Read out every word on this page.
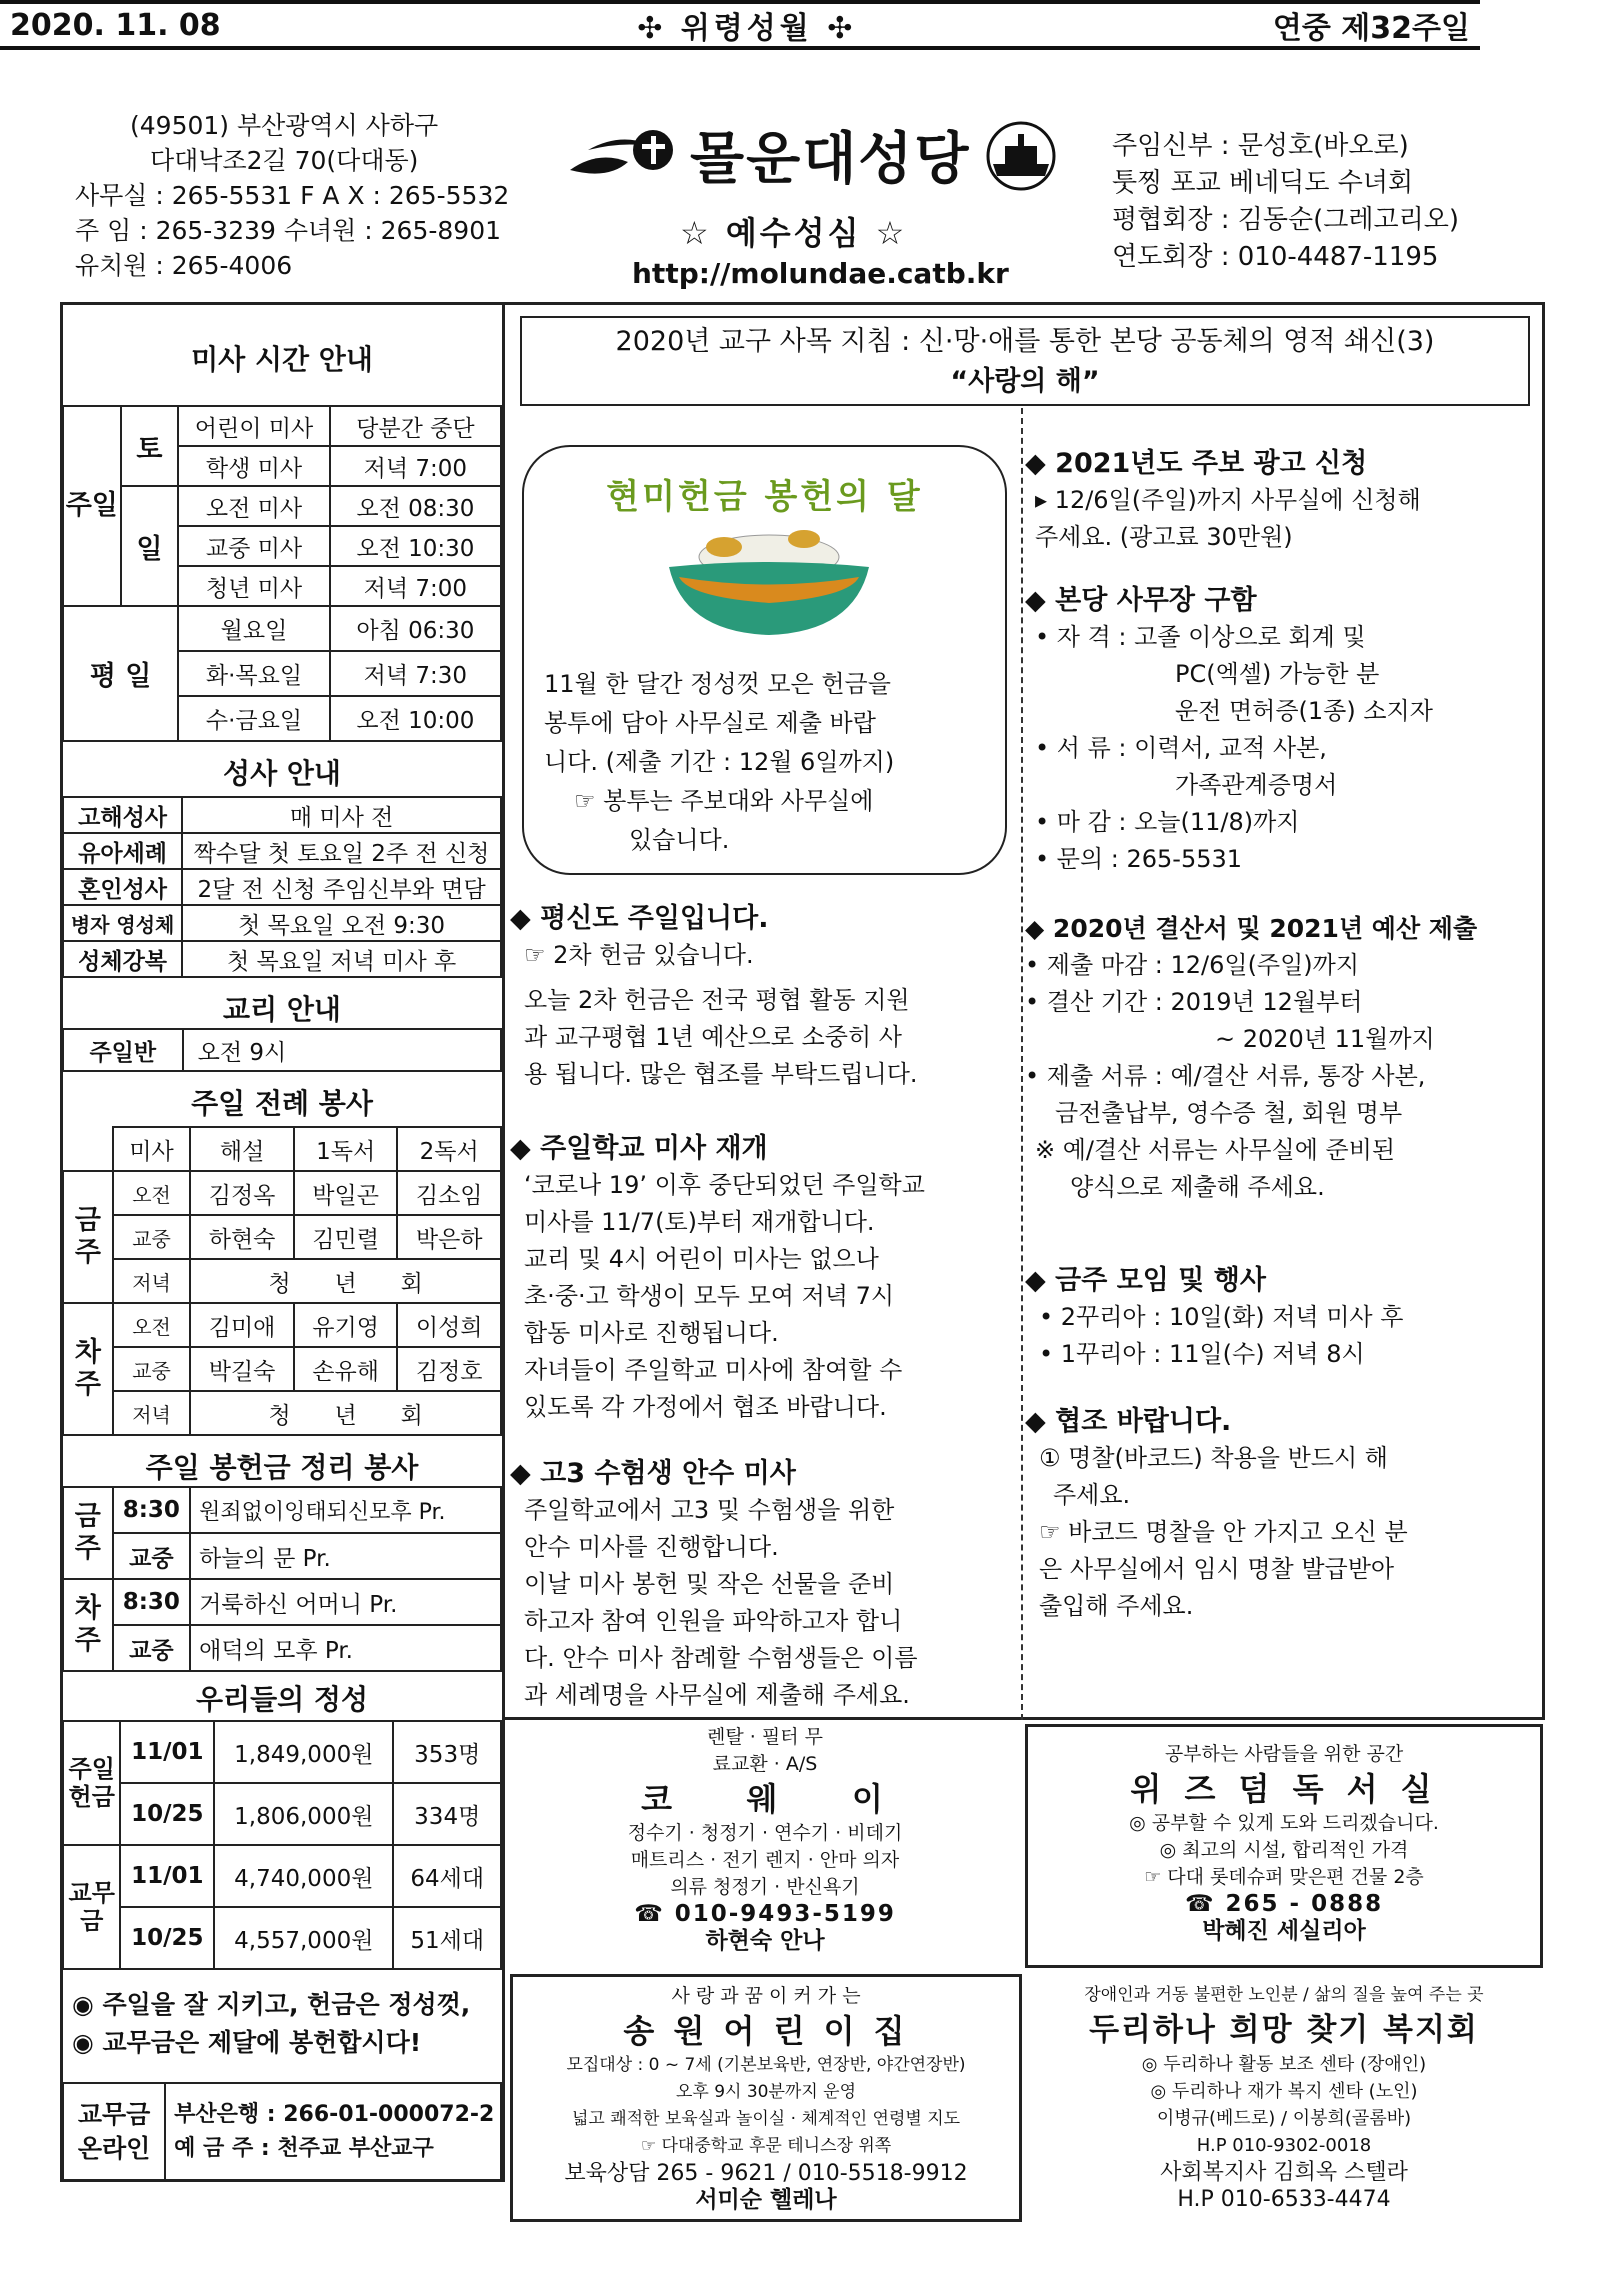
2020. 11. 08	✣ 위령성월 ✣	연중 제32주일
(49501) 부산광역시 사하구
다대낙조2길 70(다대동)
사무실 : 265-5531 F A X : 265-5532
주 임 : 265-3239 수녀원 : 265-8901
유치원 : 265-4006
몰운대성당
☆ 예수성심 ☆
http://molundae.catb.kr
주임신부 : 문성호(바오로)
툿찡 포교 베네딕도 수녀회
평협회장 : 김동순(그레고리오)
연도회장 : 010-4487-1195
미사 시간 안내
주일	토	어린이 미사	당분간 중단
		학생 미사	저녁 7:00
	일	오전 미사	오전 08:30
		교중 미사	오전 10:30
		청년 미사	저녁 7:00
평 일		월요일	아침 06:30
		화·목요일	저녁 7:30
		수·금요일	오전 10:00
성사 안내
고해성사	매 미사 전
유아세례	짝수달 첫 토요일 2주 전 신청
혼인성사	2달 전 신청 주임신부와 면담
병자 영성체	첫 목요일 오전 9:30
성체강복	첫 목요일 저녁 미사 후
교리 안내
주일반	오전 9시
주일 전례 봉사
	미사	해설	1독서	2독서
금주	오전	김정옥	박일곤	김소임
	교중	하현숙	김민렬	박은하
	저녁	청      년      회		
차주	오전	김미애	유기영	이성희
	교중	박길숙	손유해	김정호
	저녁	청      년      회		
주일 봉헌금 정리 봉사
금주	8:30	원죄없이잉태되신모후 Pr.
	교중	하늘의 문 Pr.
차주	8:30	거룩하신 어머니 Pr.
	교중	애덕의 모후 Pr.
우리들의 정성
주일헌금	11/01	1,849,000원	353명
	10/25	1,806,000원	334명
교무금	11/01	4,740,000원	64세대
	10/25	4,557,000원	51세대
◉ 주일을 잘 지키고, 헌금은 정성껏,
◉ 교무금은 제달에 봉헌합시다!
교무금
온라인

부산은행 : 266-01-000072-2
예 금 주 : 천주교 부산교구
2020년 교구 사목 지침 : 신·망·애를 통한 본당 공동체의 영적 쇄신(3)
“사랑의 해”
현미헌금 봉헌의 달
11월 한 달간 정성껏 모은 헌금을
봉투에 담아 사무실로 제출 바랍
니다. (제출 기간 : 12월 6일까지)
☞ 봉투는 주보대와 사무실에
있습니다.
◆ 평신도 주일입니다.
☞ 2차 헌금 있습니다.
오늘 2차 헌금은 전국 평협 활동 지원
과 교구평협 1년 예산으로 소중히 사
용 됩니다. 많은 협조를 부탁드립니다.
◆ 주일학교 미사 재개
‘코로나 19’ 이후 중단되었던 주일학교
미사를 11/7(토)부터 재개합니다.
교리 및 4시 어린이 미사는 없으나
초·중·고 학생이 모두 모여 저녁 7시
합동 미사로 진행됩니다.
자녀들이 주일학교 미사에 참여할 수
있도록 각 가정에서 협조 바랍니다.
◆ 고3 수험생 안수 미사
주일학교에서 고3 및 수험생을 위한
안수 미사를 진행합니다.
이날 미사 봉헌 및 작은 선물을 준비
하고자 참여 인원을 파악하고자 합니
다. 안수 미사 참례할 수험생들은 이름
과 세례명을 사무실에 제출해 주세요.
◆ 2021년도 주보 광고 신청
▸ 12/6일(주일)까지 사무실에 신청해
주세요. (광고료 30만원)
◆ 본당 사무장 구함
• 자 격 : 고졸 이상으로 회계 및
PC(엑셀) 가능한 분
운전 면허증(1종) 소지자
• 서 류 : 이력서, 교적 사본,
가족관계증명서
• 마 감 : 오늘(11/8)까지
• 문의 : 265-5531
◆ 2020년 결산서 및 2021년 예산 제출
• 제출 마감 : 12/6일(주일)까지
• 결산 기간 : 2019년 12월부터
~ 2020년 11월까지
• 제출 서류 : 예/결산 서류, 통장 사본,
금전출납부, 영수증 철, 회원 명부
※ 예/결산 서류는 사무실에 준비된
양식으로 제출해 주세요.
◆ 금주 모임 및 행사
• 2꾸리아 : 10일(화) 저녁 미사 후
• 1꾸리아 : 11일(수) 저녁 8시
◆ 협조 바랍니다.
① 명찰(바코드) 착용을 반드시 해
주세요.
☞ 바코드 명찰을 안 가지고 오신 분
은 사무실에서 임시 명찰 발급받아
출입해 주세요.
렌탈 · 필터 무
료교환 · A/S
코    웨    이
정수기 · 청정기 · 연수기 · 비데기
매트리스 · 전기 렌지 · 안마 의자
의류 청정기 · 반신욕기
☎ 010-9493-5199
하현숙 안나
공부하는 사람들을 위한 공간
위 즈 덤 독 서 실
◎ 공부할 수 있게 도와 드리겠습니다.
◎ 최고의 시설, 합리적인 가격
☞ 다대 롯데슈퍼 맞은편 건물 2층
☎ 265 - 0888
박혜진 세실리아
사 랑 과 꿈 이 커 가 는
송 원 어 린 이 집
모집대상 : 0 ~ 7세 (기본보육반, 연장반, 야간연장반)
오후 9시 30분까지 운영
넓고 쾌적한 보육실과 놀이실 · 체계적인 연령별 지도
☞ 다대중학교 후문 테니스장 위쪽
보육상담 265 - 9621 / 010-5518-9912
서미순 헬레나
장애인과 거동 불편한 노인분 / 삶의 질을 높여 주는 곳
두리하나 희망 찾기 복지회
◎ 두리하나 활동 보조 센타 (장애인)
◎ 두리하나 재가 복지 센타 (노인)
이병규(베드로) / 이봉희(골롬바)
H.P 010-9302-0018
사회복지사 김희옥 스텔라
H.P 010-6533-4474
